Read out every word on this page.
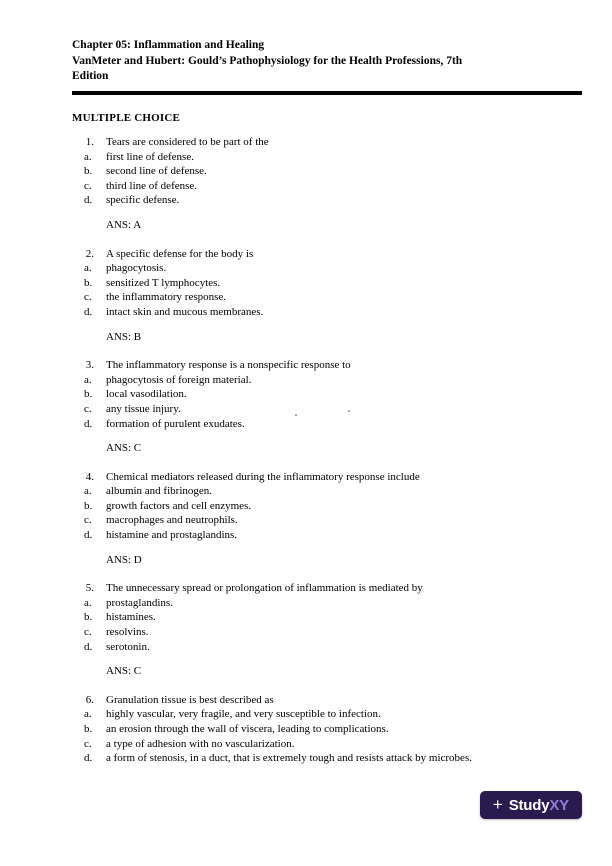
Chapter 05: Inflammation and Healing
VanMeter and Hubert: Gould’s Pathophysiology for the Health Professions, 7th
Edition
MULTIPLE CHOICE
1. Tears are considered to be part of the
a.	first line of defense.
b.	second line of defense.
c.	third line of defense.
d.	specific defense.
ANS: A
2. A specific defense for the body is
a.	phagocytosis.
b.	sensitized T lymphocytes.
c.	the inflammatory response.
d.	intact skin and mucous membranes.
ANS: B
3. The inflammatory response is a nonspecific response to
a.	phagocytosis of foreign material.
b.	local vasodilation.
c.	any tissue injury.
d.	formation of purulent exudates.
ANS: C
4. Chemical mediators released during the inflammatory response include
a.	albumin and fibrinogen.
b.	growth factors and cell enzymes.
c.	macrophages and neutrophils.
d.	histamine and prostaglandins.
ANS: D
5. The unnecessary spread or prolongation of inflammation is mediated by
a.	prostaglandins.
b.	histamines.
c.	resolvins.
d.	serotonin.
ANS: C
6. Granulation tissue is best described as
a.	highly vascular, very fragile, and very susceptible to infection.
b.	an erosion through the wall of viscera, leading to complications.
c.	a type of adhesion with no vascularization.
d.	a form of stenosis, in a duct, that is extremely tough and resists attack by microbes.
+ StudyXY
